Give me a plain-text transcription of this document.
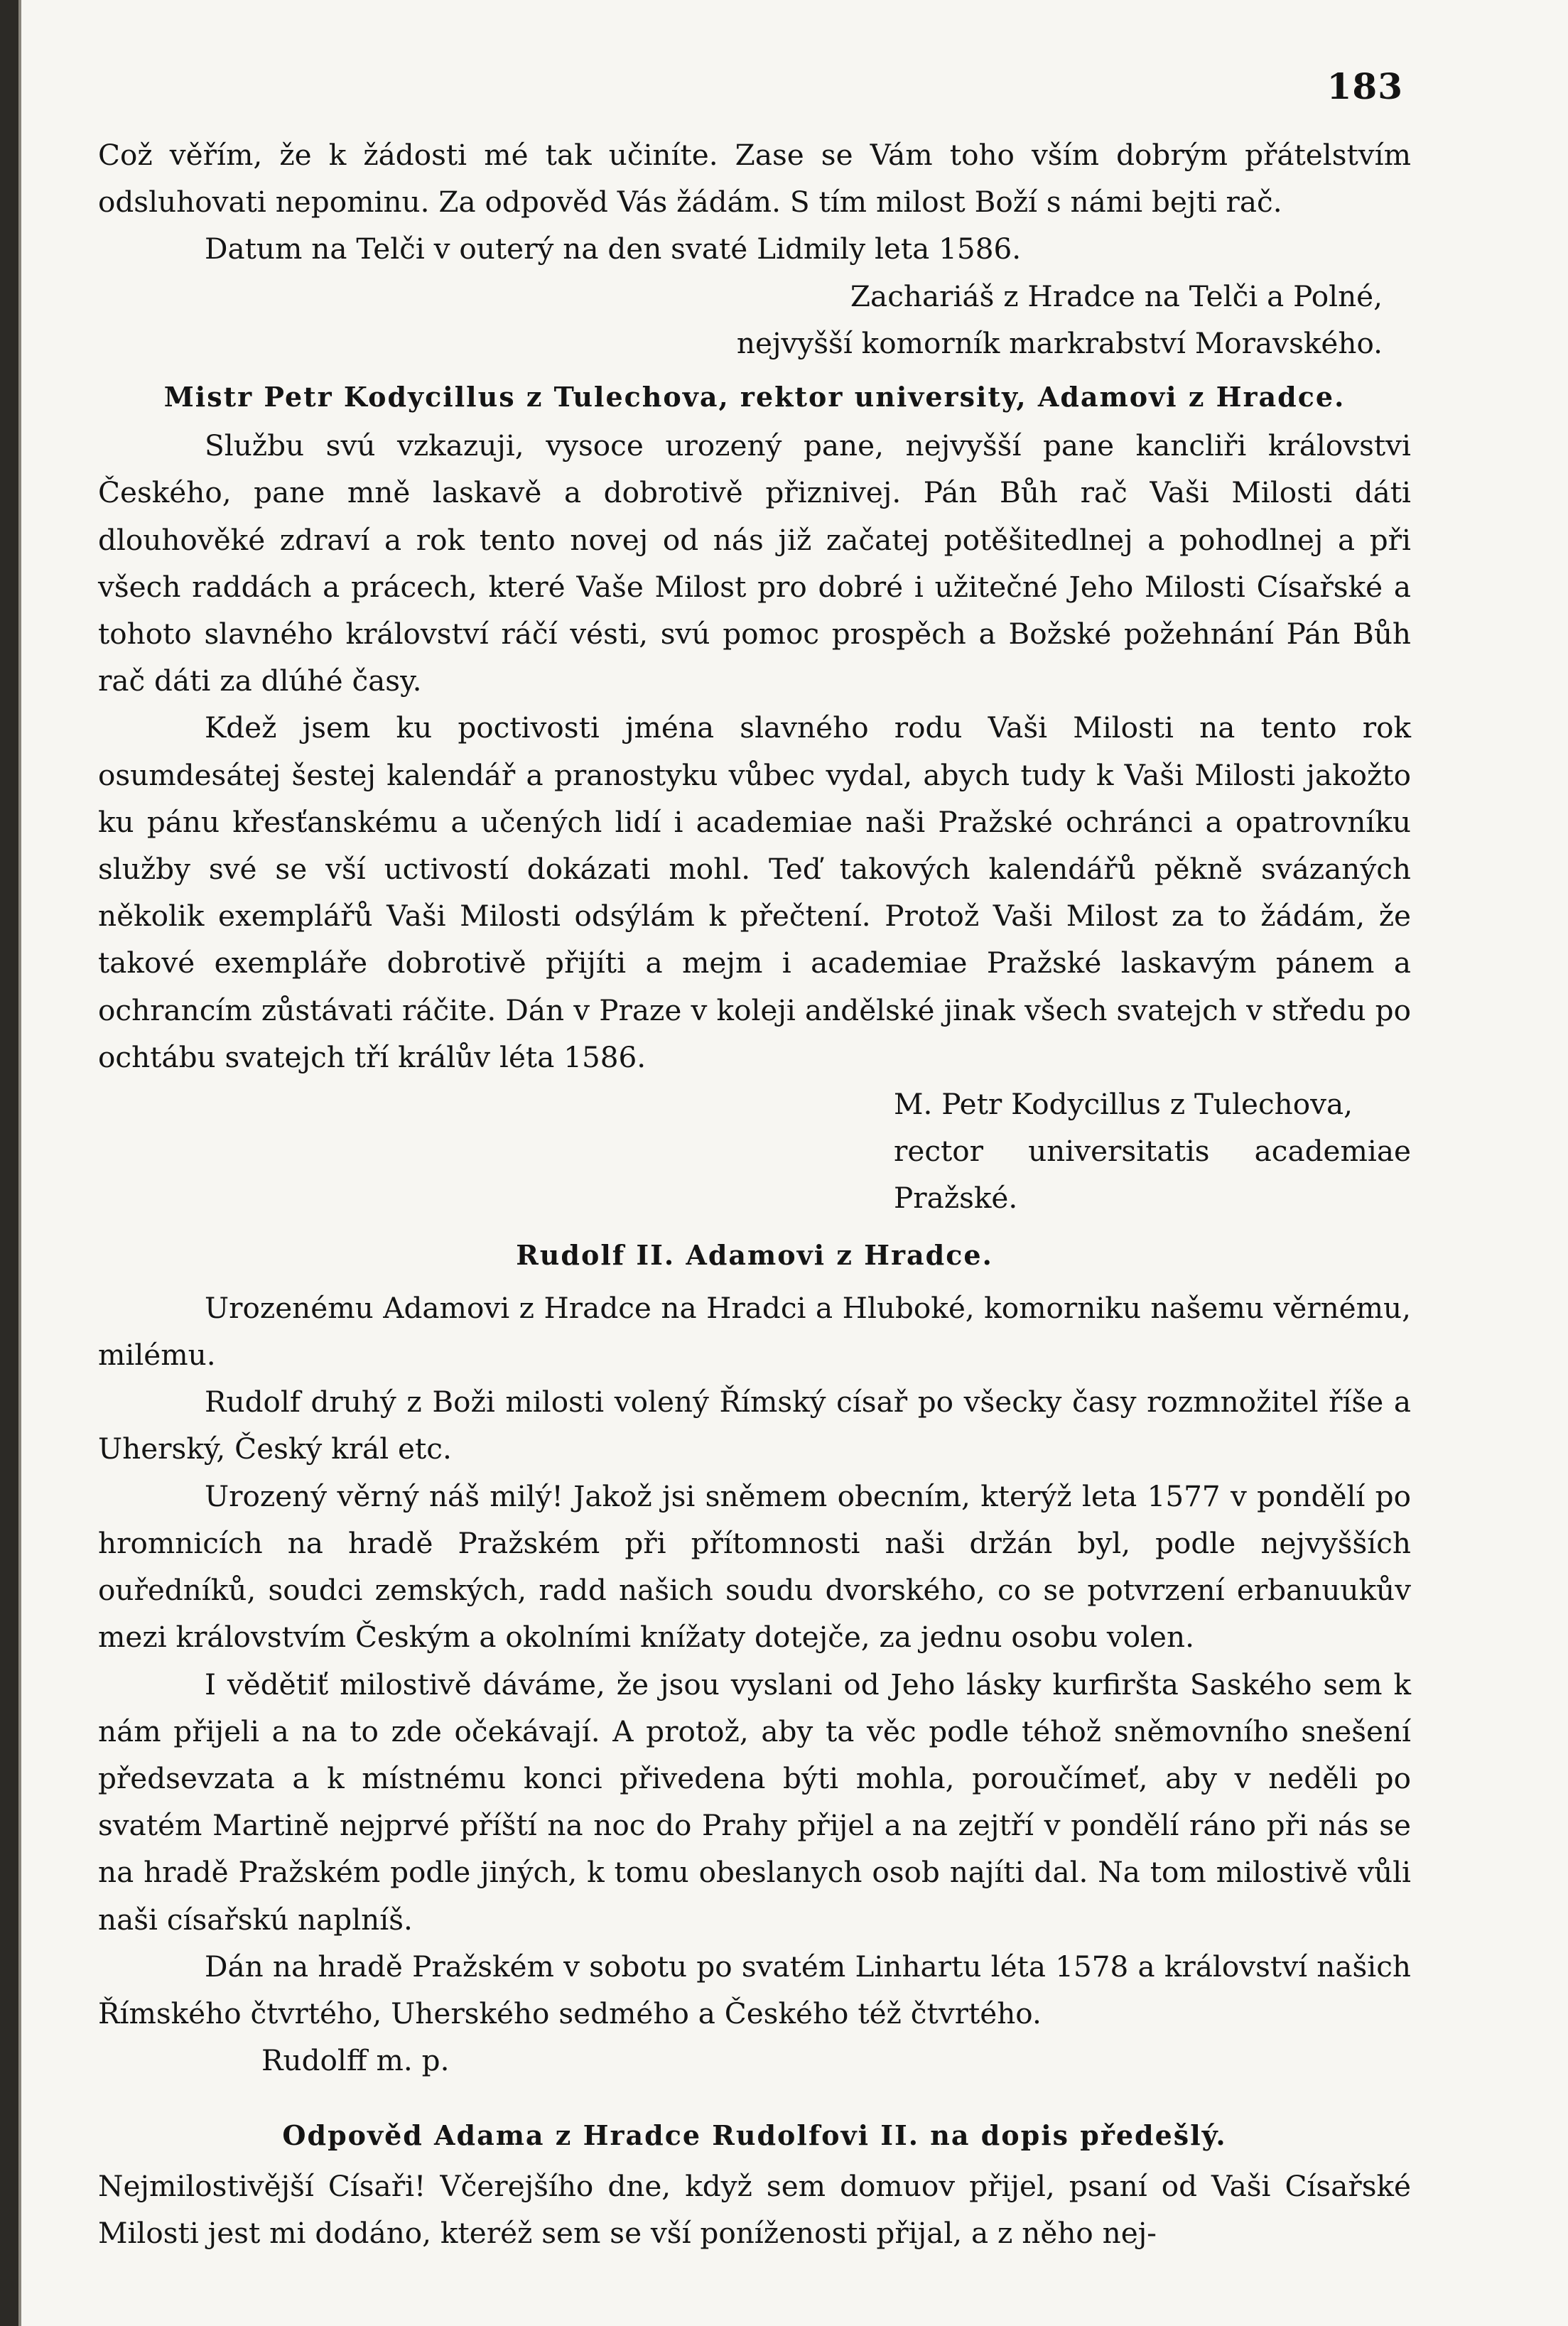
183

Což věřím, že k žádosti mé tak učiníte. Zase se Vám toho vším dobrým přátelstvím odsluhovati nepominu. Za odpověd Vás žádám. S tím milost Boží s námi bejti rač.

Datum na Telči v outerý na den svaté Lidmily leta 1586.

Zachariáš z Hradce na Telči a Polné,

nejvyšší komorník markrabství Moravského.

Mistr Petr Kodycillus z Tulechova, rektor university, Adamovi z Hradce.

Službu svú vzkazuji, vysoce urozený pane, nejvyšší pane kancliři královstvi Českého, pane mně laskavě a dobrotivě přiznivej. Pán Bůh rač Vaši Milosti dáti dlouhověké zdraví a rok tento novej od nás již začatej potěšitedlnej a pohodlnej a při všech raddách a prácech, které Vaše Milost pro dobré i užitečné Jeho Milosti Císařské a tohoto slavného království ráčí vésti, svú pomoc prospěch a Božské požehnání Pán Bůh rač dáti za dlúhé časy.

Kdež jsem ku poctivosti jména slavného rodu Vaši Milosti na tento rok osumdesátej šestej kalendář a pranostyku vůbec vydal, abych tudy k Vaši Milosti jakožto ku pánu křesťanskému a učených lidí i academiae naši Pražské ochránci a opatrovníku služby své se vší uctivostí dokázati mohl. Teď takových kalendářů pěkně svázaných několik exemplářů Vaši Milosti odsýlám k přečtení. Protož Vaši Milost za to žádám, že takové exempláře dobrotivě přijíti a mejm i academiae Pražské laskavým pánem a ochrancím zůstávati ráčite. Dán v Praze v koleji andělské jinak všech svatejch v středu po ochtábu svatejch tří králův léta 1586.

M. Petr Kodycillus z Tulechova,

rector universitatis academiae Pražské.

Rudolf II. Adamovi z Hradce.

Urozenému Adamovi z Hradce na Hradci a Hluboké, komorniku našemu věrnému, milému.

Rudolf druhý z Boži milosti volený Římský císař po všecky časy rozmnožitel říše a Uherský, Český král etc.

Urozený věrný náš milý! Jakož jsi sněmem obecním, kterýž leta 1577 v pondělí po hromnicích na hradě Pražském při přítomnosti naši držán byl, podle nejvyšších ouředníků, soudci zemských, radd našich soudu dvorského, co se potvrzení erbanuukův mezi královstvím Českým a okolními knížaty dotejče, za jednu osobu volen.

I vědětiť milostivě dáváme, že jsou vyslani od Jeho lásky kurfiršta Saského sem k nám přijeli a na to zde očekávají. A protož, aby ta věc podle téhož sněmovního snešení předsevzata a k místnému konci přivedena býti mohla, poroučímeť, aby v neděli po svatém Martině nejprvé příští na noc do Prahy přijel a na zejtří v pondělí ráno při nás se na hradě Pražském podle jiných, k tomu obeslanych osob najíti dal. Na tom milostivě vůli naši císařskú naplníš.

Dán na hradě Pražském v sobotu po svatém Linhartu léta 1578 a království našich Římského čtvrtého, Uherského sedmého a Českého též čtvrtého.

Rudolff m. p.

Odpověd Adama z Hradce Rudolfovi II. na dopis předešlý.

Nejmilostivější Císaři! Včerejšího dne, když sem domuov přijel, psaní od Vaši Císařské Milosti jest mi dodáno, kteréž sem se vší poníženosti přijal, a z něho nej-
